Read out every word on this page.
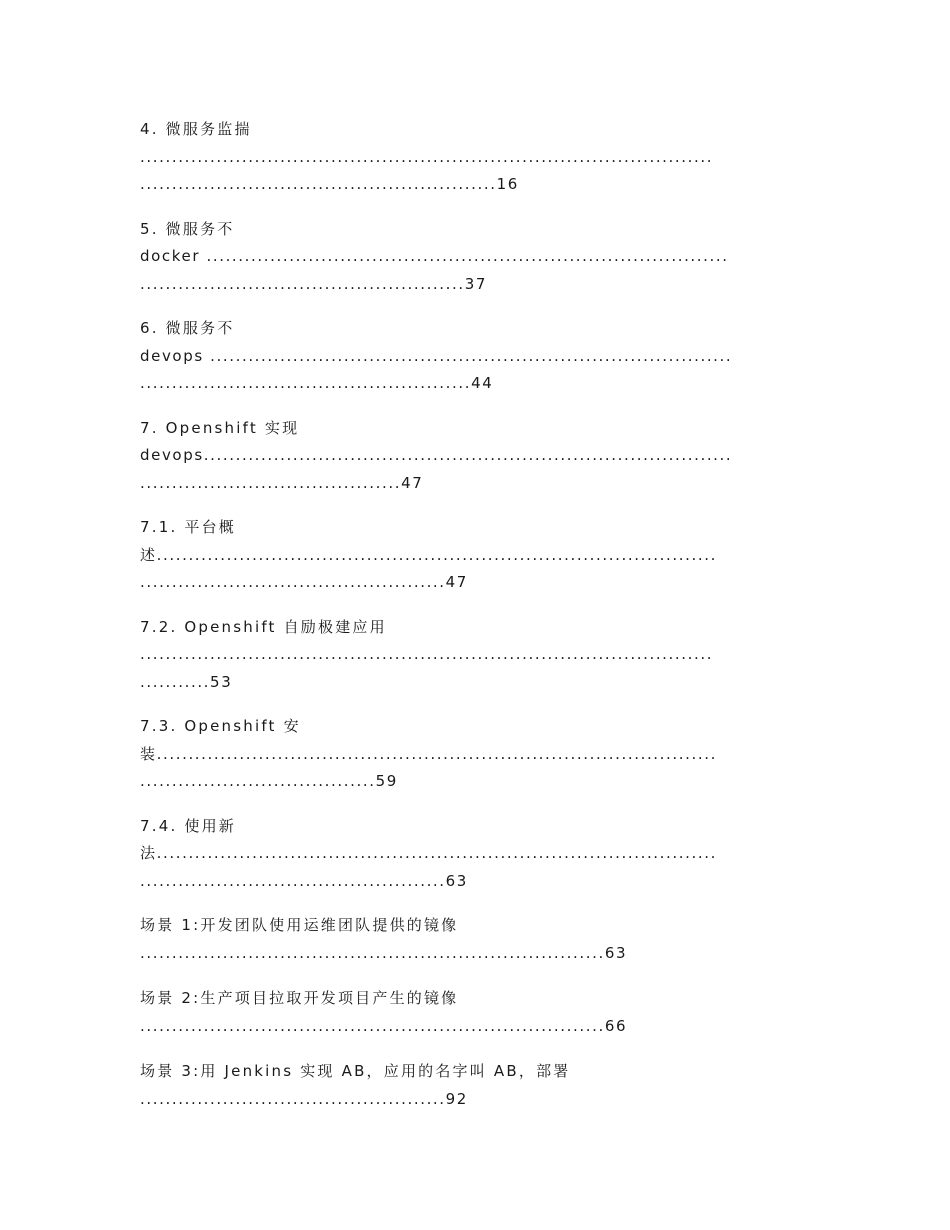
4. 微服务监揣
..........................................................................................
........................................................16
5. 微服务不
docker ..................................................................................
...................................................37
6. 微服务不
devops ..................................................................................
....................................................44
7. Openshift 实现
devops...................................................................................
.........................................47
7.1. 平台概
述........................................................................................
................................................47
7.2. Openshift 自励极建应用
..........................................................................................
...........53
7.3. Openshift 安
装........................................................................................
.....................................59
7.4. 使用新
法........................................................................................
................................................63
场景 1:开发团队使用运维团队提供的镜像
.........................................................................63
场景 2:生产项目拉取开发项目产生的镜像
.........................................................................66
场景 3:用 Jenkins 实现 AB，应用的名字叫 AB，部署
................................................92
